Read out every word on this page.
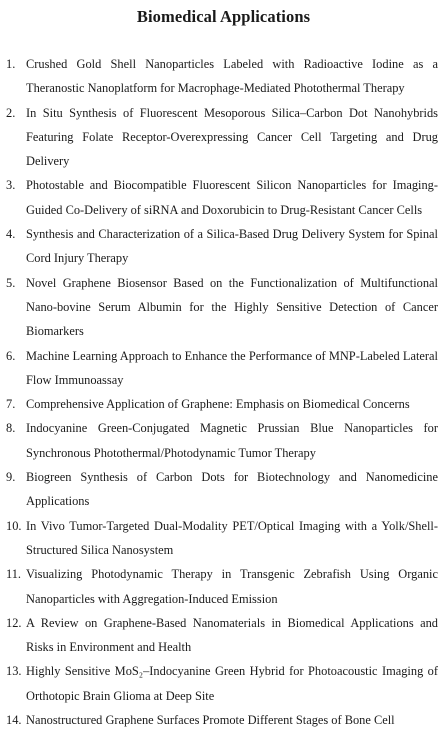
Biomedical Applications
1. Crushed Gold Shell Nanoparticles Labeled with Radioactive Iodine as a Theranostic Nanoplatform for Macrophage-Mediated Photothermal Therapy
2. In Situ Synthesis of Fluorescent Mesoporous Silica–Carbon Dot Nanohybrids Featuring Folate Receptor-Overexpressing Cancer Cell Targeting and Drug Delivery
3. Photostable and Biocompatible Fluorescent Silicon Nanoparticles for Imaging-Guided Co-Delivery of siRNA and Doxorubicin to Drug-Resistant Cancer Cells
4. Synthesis and Characterization of a Silica-Based Drug Delivery System for Spinal Cord Injury Therapy
5. Novel Graphene Biosensor Based on the Functionalization of Multifunctional Nano-bovine Serum Albumin for the Highly Sensitive Detection of Cancer Biomarkers
6. Machine Learning Approach to Enhance the Performance of MNP-Labeled Lateral Flow Immunoassay
7. Comprehensive Application of Graphene: Emphasis on Biomedical Concerns
8. Indocyanine Green-Conjugated Magnetic Prussian Blue Nanoparticles for Synchronous Photothermal/Photodynamic Tumor Therapy
9. Biogreen Synthesis of Carbon Dots for Biotechnology and Nanomedicine Applications
10. In Vivo Tumor-Targeted Dual-Modality PET/Optical Imaging with a Yolk/Shell-Structured Silica Nanosystem
11. Visualizing Photodynamic Therapy in Transgenic Zebrafish Using Organic Nanoparticles with Aggregation-Induced Emission
12. A Review on Graphene-Based Nanomaterials in Biomedical Applications and Risks in Environment and Health
13. Highly Sensitive MoS₂–Indocyanine Green Hybrid for Photoacoustic Imaging of Orthotopic Brain Glioma at Deep Site
14. Nanostructured Graphene Surfaces Promote Different Stages of Bone Cell
